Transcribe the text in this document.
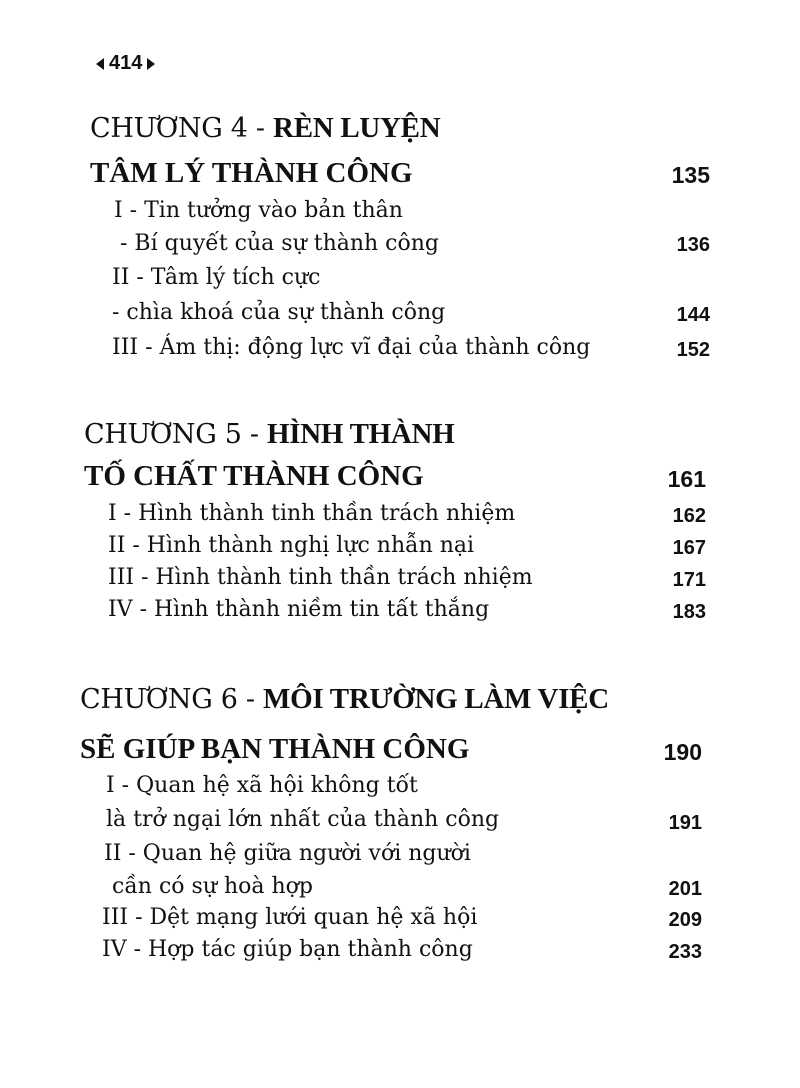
414
CHƯƠNG 4 - RÈN LUYỆN
TÂM LÝ THÀNH CÔNG	135
I - Tin tưởng vào bản thân
- Bí quyết của sự thành công	136
II - Tâm lý tích cực
- chìa khoá của sự thành công	144
III - Ám thị: động lực vĩ đại của thành công	152
CHƯƠNG 5 - HÌNH THÀNH
TỐ CHẤT THÀNH CÔNG	161
I - Hình thành tinh thần trách nhiệm	162
II - Hình thành nghị lực nhẫn nại	167
III - Hình thành tinh thần trách nhiệm	171
IV - Hình thành niềm tin tất thắng	183
CHƯƠNG 6 - MÔI TRƯỜNG LÀM VIỆC
SẼ GIÚP BẠN THÀNH CÔNG	190
I - Quan hệ xã hội không tốt
là trở ngại lớn nhất của thành công	191
II - Quan hệ giữa người với người
cần có sự hoà hợp	201
III - Dệt mạng lưới quan hệ xã hội	209
IV - Hợp tác giúp bạn thành công	233
